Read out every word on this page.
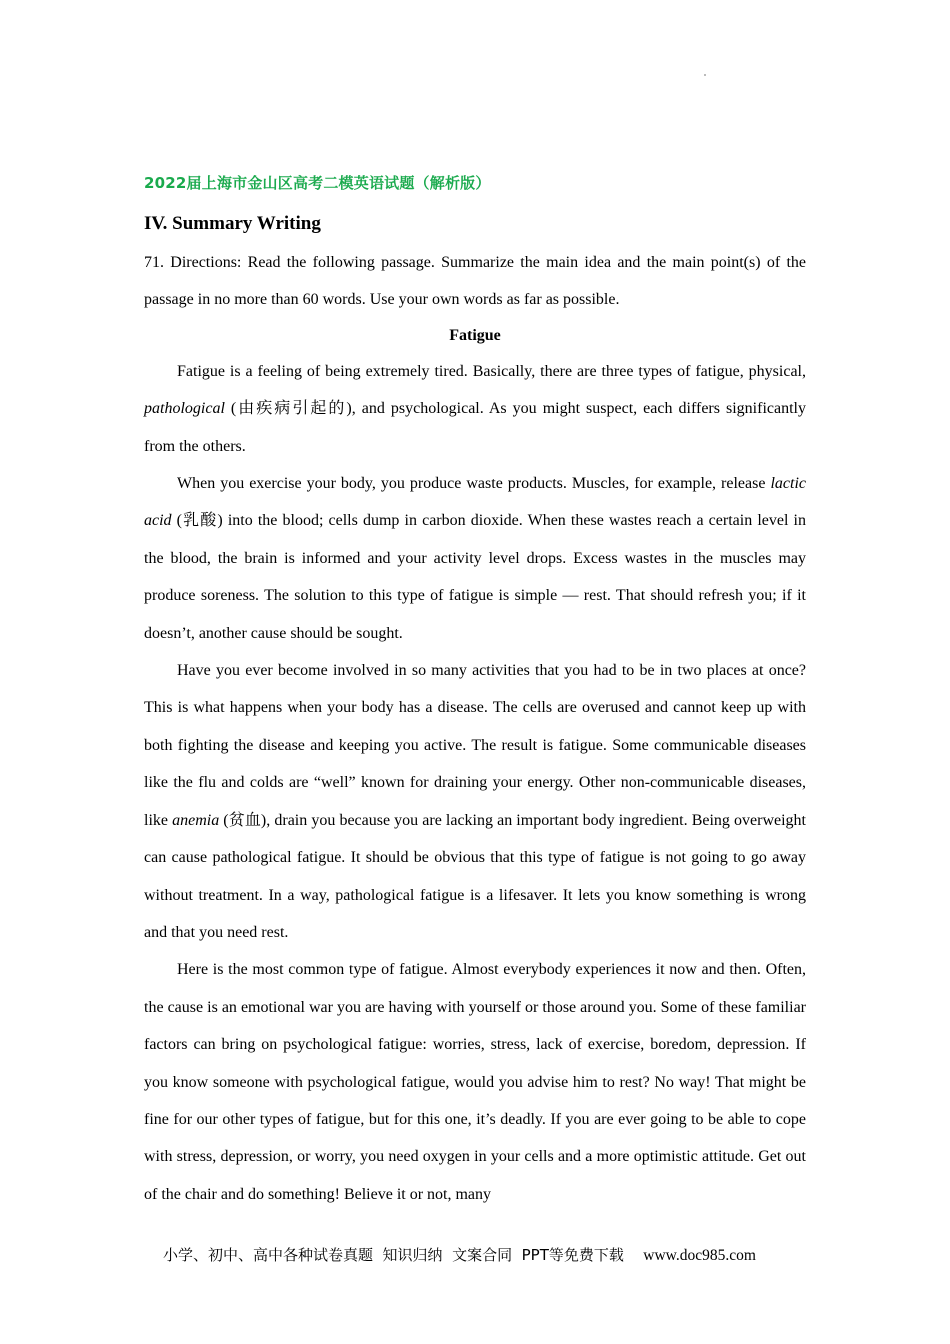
2022届上海市金山区高考二模英语试题（解析版）
IV. Summary Writing

71. Directions: Read the following passage. Summarize the main idea and the main point(s) of the passage in no more than 60 words. Use your own words as far as possible.

Fatigue

Fatigue is a feeling of being extremely tired. Basically, there are three types of fatigue, physical, pathological (由疾病引起的), and psychological. As you might suspect, each differs significantly from the others.

When you exercise your body, you produce waste products. Muscles, for example, release lactic acid (乳酸) into the blood; cells dump in carbon dioxide. When these wastes reach a certain level in the blood, the brain is informed and your activity level drops. Excess wastes in the muscles may produce soreness. The solution to this type of fatigue is simple — rest. That should refresh you; if it doesn’t, another cause should be sought.

Have you ever become involved in so many activities that you had to be in two places at once? This is what happens when your body has a disease. The cells are overused and cannot keep up with both fighting the disease and keeping you active. The result is fatigue. Some communicable diseases like the flu and colds are “well” known for draining your energy. Other non-communicable diseases, like anemia (贫血), drain you because you are lacking an important body ingredient. Being overweight can cause pathological fatigue. It should be obvious that this type of fatigue is not going to go away without treatment. In a way, pathological fatigue is a lifesaver. It lets you know something is wrong and that you need rest.

Here is the most common type of fatigue. Almost everybody experiences it now and then. Often, the cause is an emotional war you are having with yourself or those around you. Some of these familiar factors can bring on psychological fatigue: worries, stress, lack of exercise, boredom, depression. If you know someone with psychological fatigue, would you advise him to rest? No way! That might be fine for our other types of fatigue, but for this one, it’s deadly. If you are ever going to be able to cope with stress, depression, or worry, you need oxygen in your cells and a more optimistic attitude. Get out of the chair and do something! Believe it or not, many

小学、初中、高中各种试卷真题  知识归纳  文案合同  PPT等免费下载 www.doc985.com
